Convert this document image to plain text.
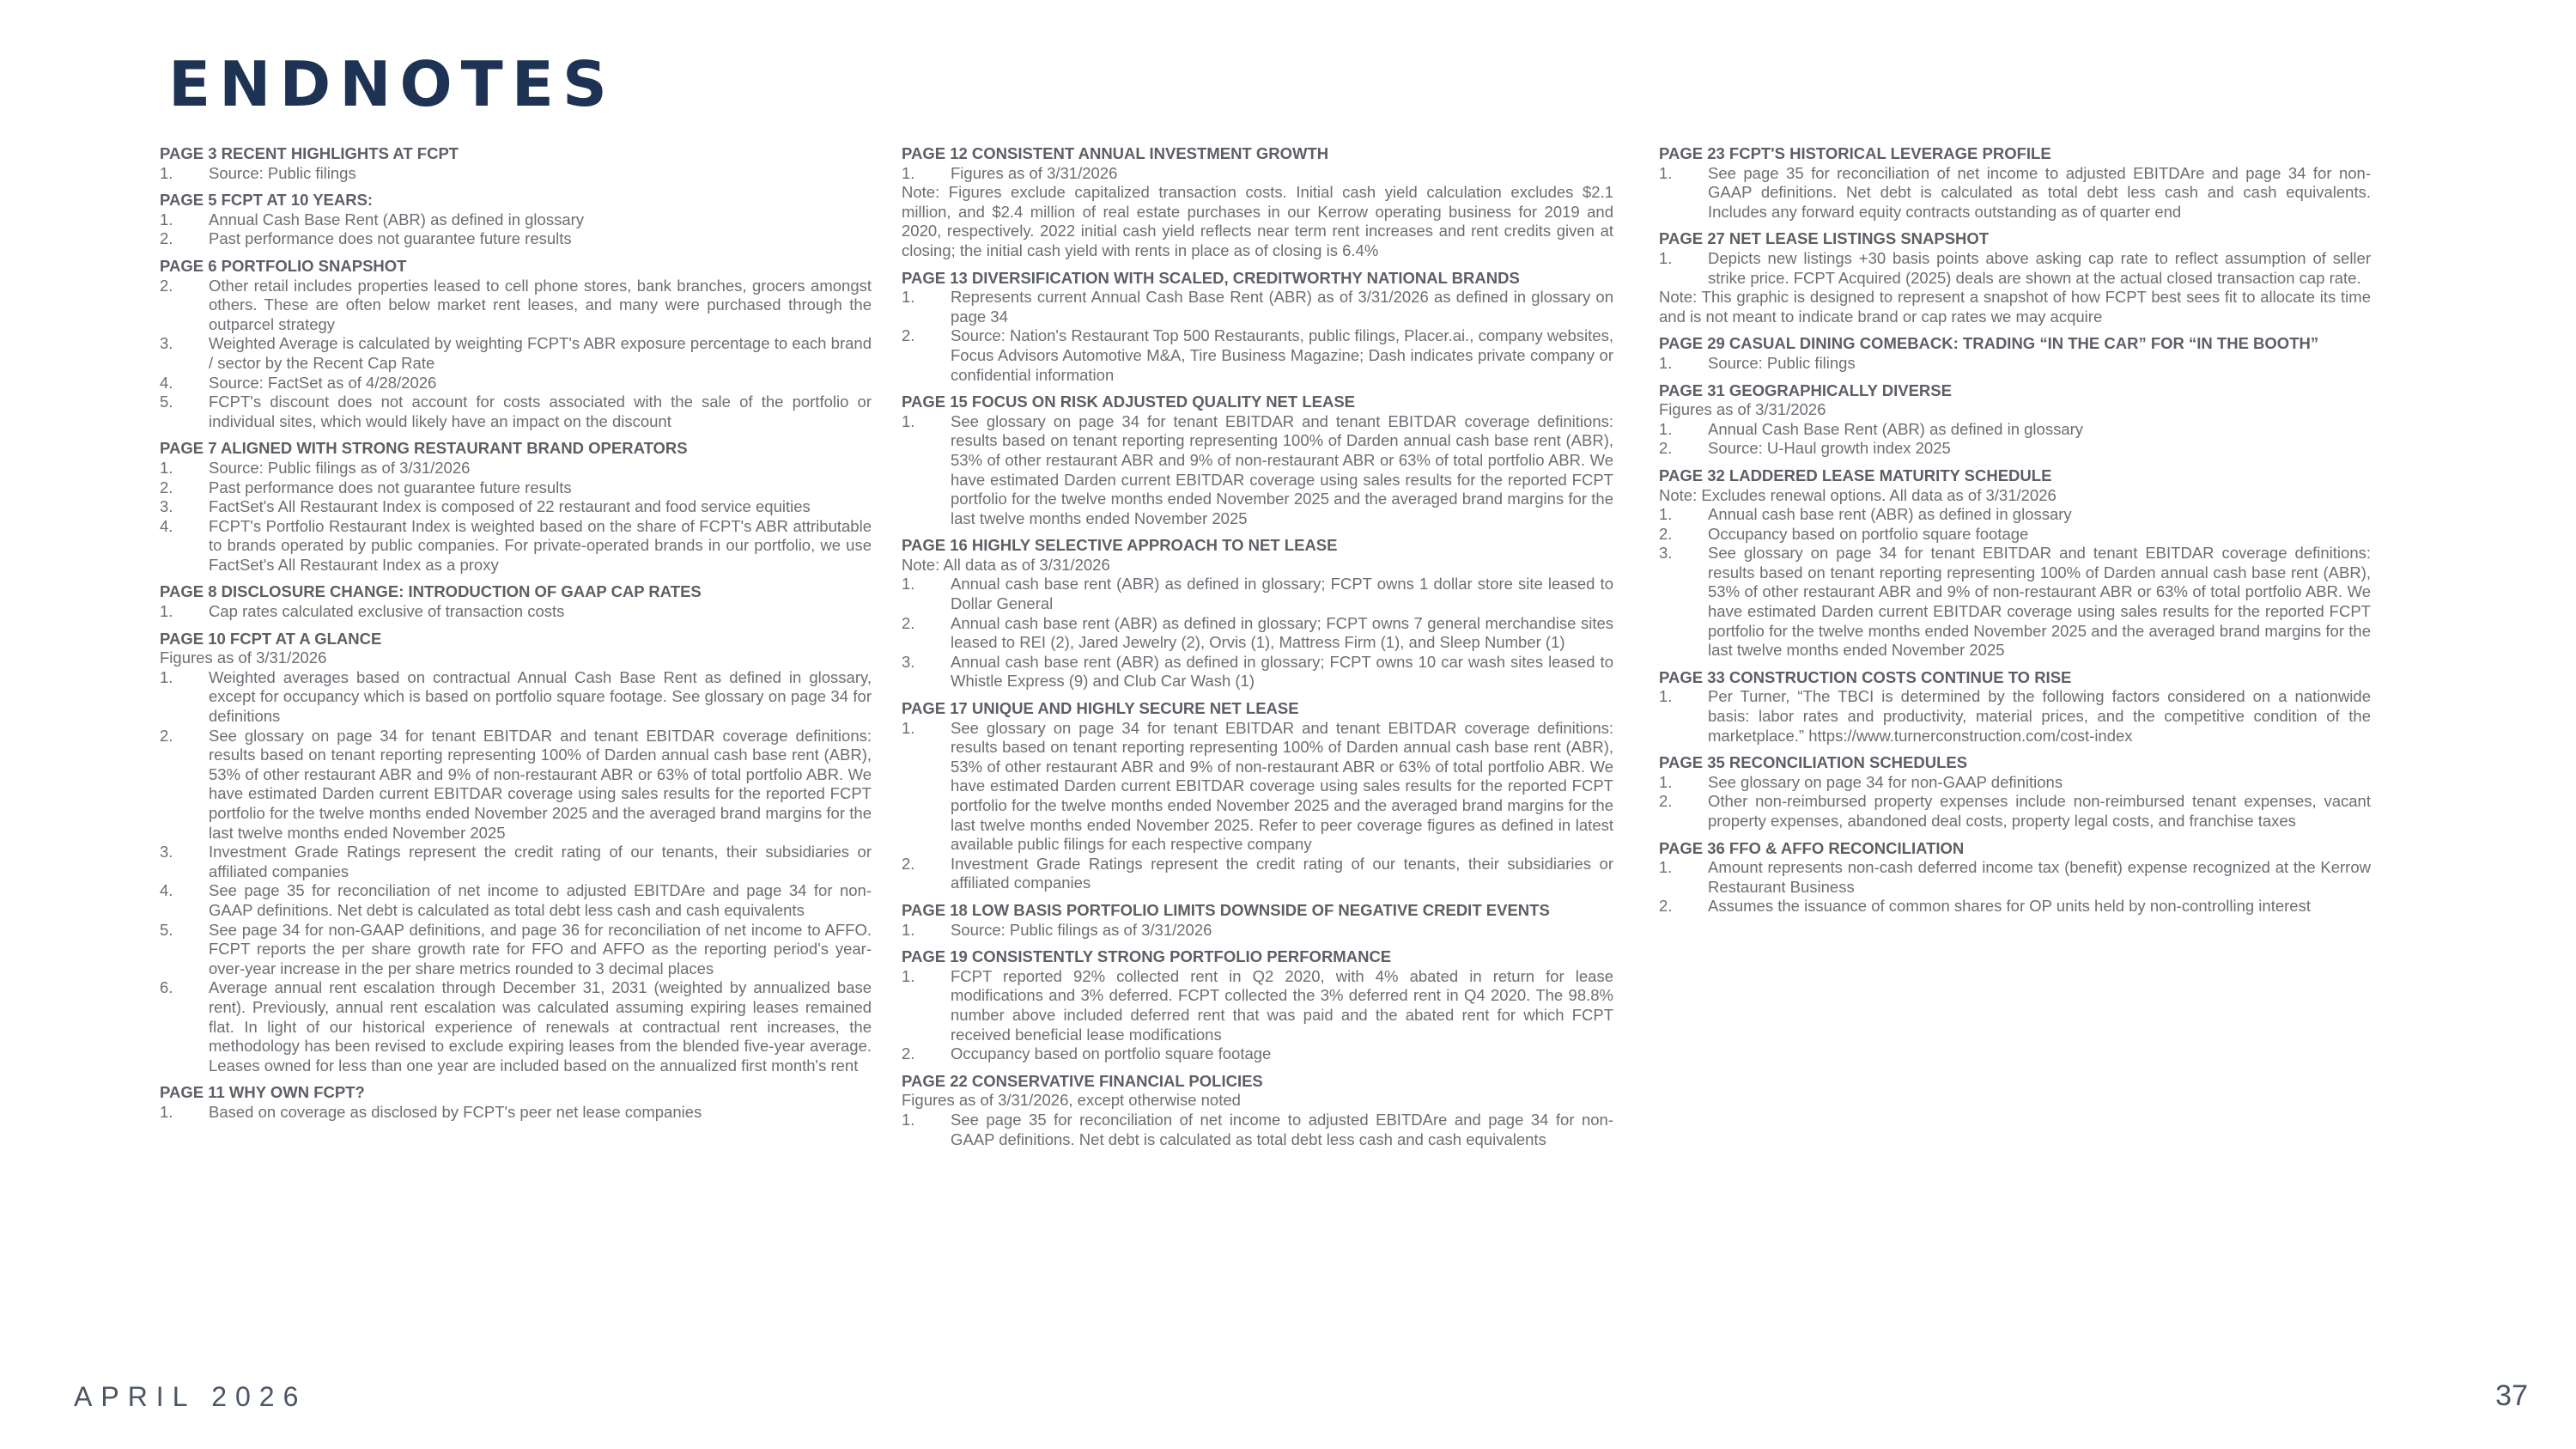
ENDNOTES
PAGE 3 RECENT HIGHLIGHTS AT FCPT
1.	Source: Public filings
PAGE 5 FCPT AT 10 YEARS:
1.	Annual Cash Base Rent (ABR) as defined in glossary
2.	Past performance does not guarantee future results
PAGE 6 PORTFOLIO SNAPSHOT
2.	Other retail includes properties leased to cell phone stores, bank branches, grocers amongst others. These are often below market rent leases, and many were purchased through the outparcel strategy
3.	Weighted Average is calculated by weighting FCPT's ABR exposure percentage to each brand / sector by the Recent Cap Rate
4.	Source: FactSet as of 4/28/2026
5.	FCPT's discount does not account for costs associated with the sale of the portfolio or individual sites, which would likely have an impact on the discount
PAGE 7 ALIGNED WITH STRONG RESTAURANT BRAND OPERATORS
1.	Source: Public filings as of 3/31/2026
2.	Past performance does not guarantee future results
3.	FactSet's All Restaurant Index is composed of 22 restaurant and food service equities
4.	FCPT's Portfolio Restaurant Index is weighted based on the share of FCPT's ABR attributable to brands operated by public companies. For private-operated brands in our portfolio, we use FactSet's All Restaurant Index as a proxy
PAGE 8 DISCLOSURE CHANGE: INTRODUCTION OF GAAP CAP RATES
1.	Cap rates calculated exclusive of transaction costs
PAGE 10 FCPT AT A GLANCE
Figures as of 3/31/2026
1.	Weighted averages based on contractual Annual Cash Base Rent as defined in glossary, except for occupancy which is based on portfolio square footage. See glossary on page 34 for definitions
2.	See glossary on page 34 for tenant EBITDAR and tenant EBITDAR coverage definitions: results based on tenant reporting representing 100% of Darden annual cash base rent (ABR), 53% of other restaurant ABR and 9% of non-restaurant ABR or 63% of total portfolio ABR. We have estimated Darden current EBITDAR coverage using sales results for the reported FCPT portfolio for the twelve months ended November 2025 and the averaged brand margins for the last twelve months ended November 2025
3.	Investment Grade Ratings represent the credit rating of our tenants, their subsidiaries or affiliated companies
4.	See page 35 for reconciliation of net income to adjusted EBITDAre and page 34 for non-GAAP definitions. Net debt is calculated as total debt less cash and cash equivalents
5.	See page 34 for non-GAAP definitions, and page 36 for reconciliation of net income to AFFO. FCPT reports the per share growth rate for FFO and AFFO as the reporting period's year-over-year increase in the per share metrics rounded to 3 decimal places
6.	Average annual rent escalation through December 31, 2031 (weighted by annualized base rent). Previously, annual rent escalation was calculated assuming expiring leases remained flat. In light of our historical experience of renewals at contractual rent increases, the methodology has been revised to exclude expiring leases from the blended five-year average. Leases owned for less than one year are included based on the annualized first month's rent
PAGE 11 WHY OWN FCPT?
1.	Based on coverage as disclosed by FCPT's peer net lease companies
PAGE 12 CONSISTENT ANNUAL INVESTMENT GROWTH
1.	Figures as of 3/31/2026
Note: Figures exclude capitalized transaction costs. Initial cash yield calculation excludes $2.1 million, and $2.4 million of real estate purchases in our Kerrow operating business for 2019 and 2020, respectively. 2022 initial cash yield reflects near term rent increases and rent credits given at closing; the initial cash yield with rents in place as of closing is 6.4%
PAGE 13 DIVERSIFICATION WITH SCALED, CREDITWORTHY NATIONAL BRANDS
1.	Represents current Annual Cash Base Rent (ABR) as of 3/31/2026 as defined in glossary on page 34
2.	Source: Nation's Restaurant Top 500 Restaurants, public filings, Placer.ai., company websites, Focus Advisors Automotive M&A, Tire Business Magazine; Dash indicates private company or confidential information
PAGE 15 FOCUS ON RISK ADJUSTED QUALITY NET LEASE
1.	See glossary on page 34 for tenant EBITDAR and tenant EBITDAR coverage definitions: results based on tenant reporting representing 100% of Darden annual cash base rent (ABR), 53% of other restaurant ABR and 9% of non-restaurant ABR or 63% of total portfolio ABR. We have estimated Darden current EBITDAR coverage using sales results for the reported FCPT portfolio for the twelve months ended November 2025 and the averaged brand margins for the last twelve months ended November 2025
PAGE 16 HIGHLY SELECTIVE APPROACH TO NET LEASE
Note: All data as of 3/31/2026
1.	Annual cash base rent (ABR) as defined in glossary; FCPT owns 1 dollar store site leased to Dollar General
2.	Annual cash base rent (ABR) as defined in glossary; FCPT owns 7 general merchandise sites leased to REI (2), Jared Jewelry (2), Orvis (1), Mattress Firm (1), and Sleep Number (1)
3.	Annual cash base rent (ABR) as defined in glossary; FCPT owns 10 car wash sites leased to Whistle Express (9) and Club Car Wash (1)
PAGE 17 UNIQUE AND HIGHLY SECURE NET LEASE
1.	See glossary on page 34 for tenant EBITDAR and tenant EBITDAR coverage definitions: results based on tenant reporting representing 100% of Darden annual cash base rent (ABR), 53% of other restaurant ABR and 9% of non-restaurant ABR or 63% of total portfolio ABR. We have estimated Darden current EBITDAR coverage using sales results for the reported FCPT portfolio for the twelve months ended November 2025 and the averaged brand margins for the last twelve months ended November 2025. Refer to peer coverage figures as defined in latest available public filings for each respective company
2.	Investment Grade Ratings represent the credit rating of our tenants, their subsidiaries or affiliated companies
PAGE 18 LOW BASIS PORTFOLIO LIMITS DOWNSIDE OF NEGATIVE CREDIT EVENTS
1.	Source: Public filings as of 3/31/2026
PAGE 19 CONSISTENTLY STRONG PORTFOLIO PERFORMANCE
1.	FCPT reported 92% collected rent in Q2 2020, with 4% abated in return for lease modifications and 3% deferred. FCPT collected the 3% deferred rent in Q4 2020. The 98.8% number above included deferred rent that was paid and the abated rent for which FCPT received beneficial lease modifications
2.	Occupancy based on portfolio square footage
PAGE 22 CONSERVATIVE FINANCIAL POLICIES
Figures as of 3/31/2026, except otherwise noted
1.	See page 35 for reconciliation of net income to adjusted EBITDAre and page 34 for non-GAAP definitions. Net debt is calculated as total debt less cash and cash equivalents
PAGE 23 FCPT'S HISTORICAL LEVERAGE PROFILE
1.	See page 35 for reconciliation of net income to adjusted EBITDAre and page 34 for non-GAAP definitions. Net debt is calculated as total debt less cash and cash equivalents. Includes any forward equity contracts outstanding as of quarter end
PAGE 27 NET LEASE LISTINGS SNAPSHOT
1.	Depicts new listings +30 basis points above asking cap rate to reflect assumption of seller strike price. FCPT Acquired (2025) deals are shown at the actual closed transaction cap rate.
Note: This graphic is designed to represent a snapshot of how FCPT best sees fit to allocate its time and is not meant to indicate brand or cap rates we may acquire
PAGE 29 CASUAL DINING COMEBACK: TRADING “IN THE CAR” FOR “IN THE BOOTH”
1.	Source: Public filings
PAGE 31 GEOGRAPHICALLY DIVERSE
Figures as of 3/31/2026
1.	Annual Cash Base Rent (ABR) as defined in glossary
2.	Source: U-Haul growth index 2025
PAGE 32 LADDERED LEASE MATURITY SCHEDULE
Note: Excludes renewal options. All data as of 3/31/2026
1.	Annual cash base rent (ABR) as defined in glossary
2.	Occupancy based on portfolio square footage
3.	See glossary on page 34 for tenant EBITDAR and tenant EBITDAR coverage definitions: results based on tenant reporting representing 100% of Darden annual cash base rent (ABR), 53% of other restaurant ABR and 9% of non-restaurant ABR or 63% of total portfolio ABR. We have estimated Darden current EBITDAR coverage using sales results for the reported FCPT portfolio for the twelve months ended November 2025 and the averaged brand margins for the last twelve months ended November 2025
PAGE 33 CONSTRUCTION COSTS CONTINUE TO RISE
1.	Per Turner, “The TBCI is determined by the following factors considered on a nationwide basis: labor rates and productivity, material prices, and the competitive condition of the marketplace.” https://www.turnerconstruction.com/cost-index
PAGE 35 RECONCILIATION SCHEDULES
1.	See glossary on page 34 for non-GAAP definitions
2.	Other non-reimbursed property expenses include non-reimbursed tenant expenses, vacant property expenses, abandoned deal costs, property legal costs, and franchise taxes
PAGE 36 FFO & AFFO RECONCILIATION
1.	Amount represents non-cash deferred income tax (benefit) expense recognized at the Kerrow Restaurant Business
2.	Assumes the issuance of common shares for OP units held by non-controlling interest
APRIL 2026	37
